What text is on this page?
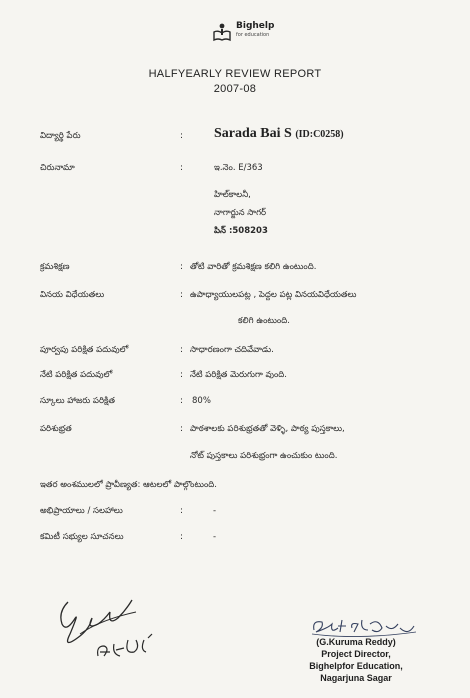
Bighelp
for education
HALFYEARLY REVIEW REPORT
2007-08
విద్యార్థి పేరు	: Sarada Bai S (ID:C0258)
చిరునామా	:	ఇ.నెం. E/363
హిల్‌కాలనీ,
నాగార్జున సాగర్
పిన్ :508203
క్రమశిక్షణ	: తోటి వారితో క్రమశిక్షణ కలిగి ఉంటుంది.
వినయ విధేయతలు	: ఉపాధ్యాయులపట్ల , పెద్దల పట్ల వినయవిధేయతలు
కలిగి ఉంటుంది.
పూర్వపు పరిక్షిత పదువులో	: సాధారణంగా చదివేవాడు.
నేటి పరిక్షిత పదువులో	: నేటి పరిక్షిత మెరుగుగా వుంది.
స్కూలు హాజరు పరిక్షిత	: 80%
పరిశుభ్రత	: పాఠశాలకు పరిశుభ్రతతో వెళ్ళి, పాఠ్య పుస్తకాలు,
నోట్ పుస్తకాలు పరిశుభ్రంగా ఉంచుకుం టుంది.
ఇతర అంశములలో ప్రావీణ్యత: ఆటలలో పాల్గొంటుంది.
అభిప్రాయాలు / సలహాలు	:	-
కమిటీ సభ్యుల సూచనలు	:	-
(G.Kuruma Reddy)
Project Director,
Bighelpfor Education,
Nagarjuna Sagar
